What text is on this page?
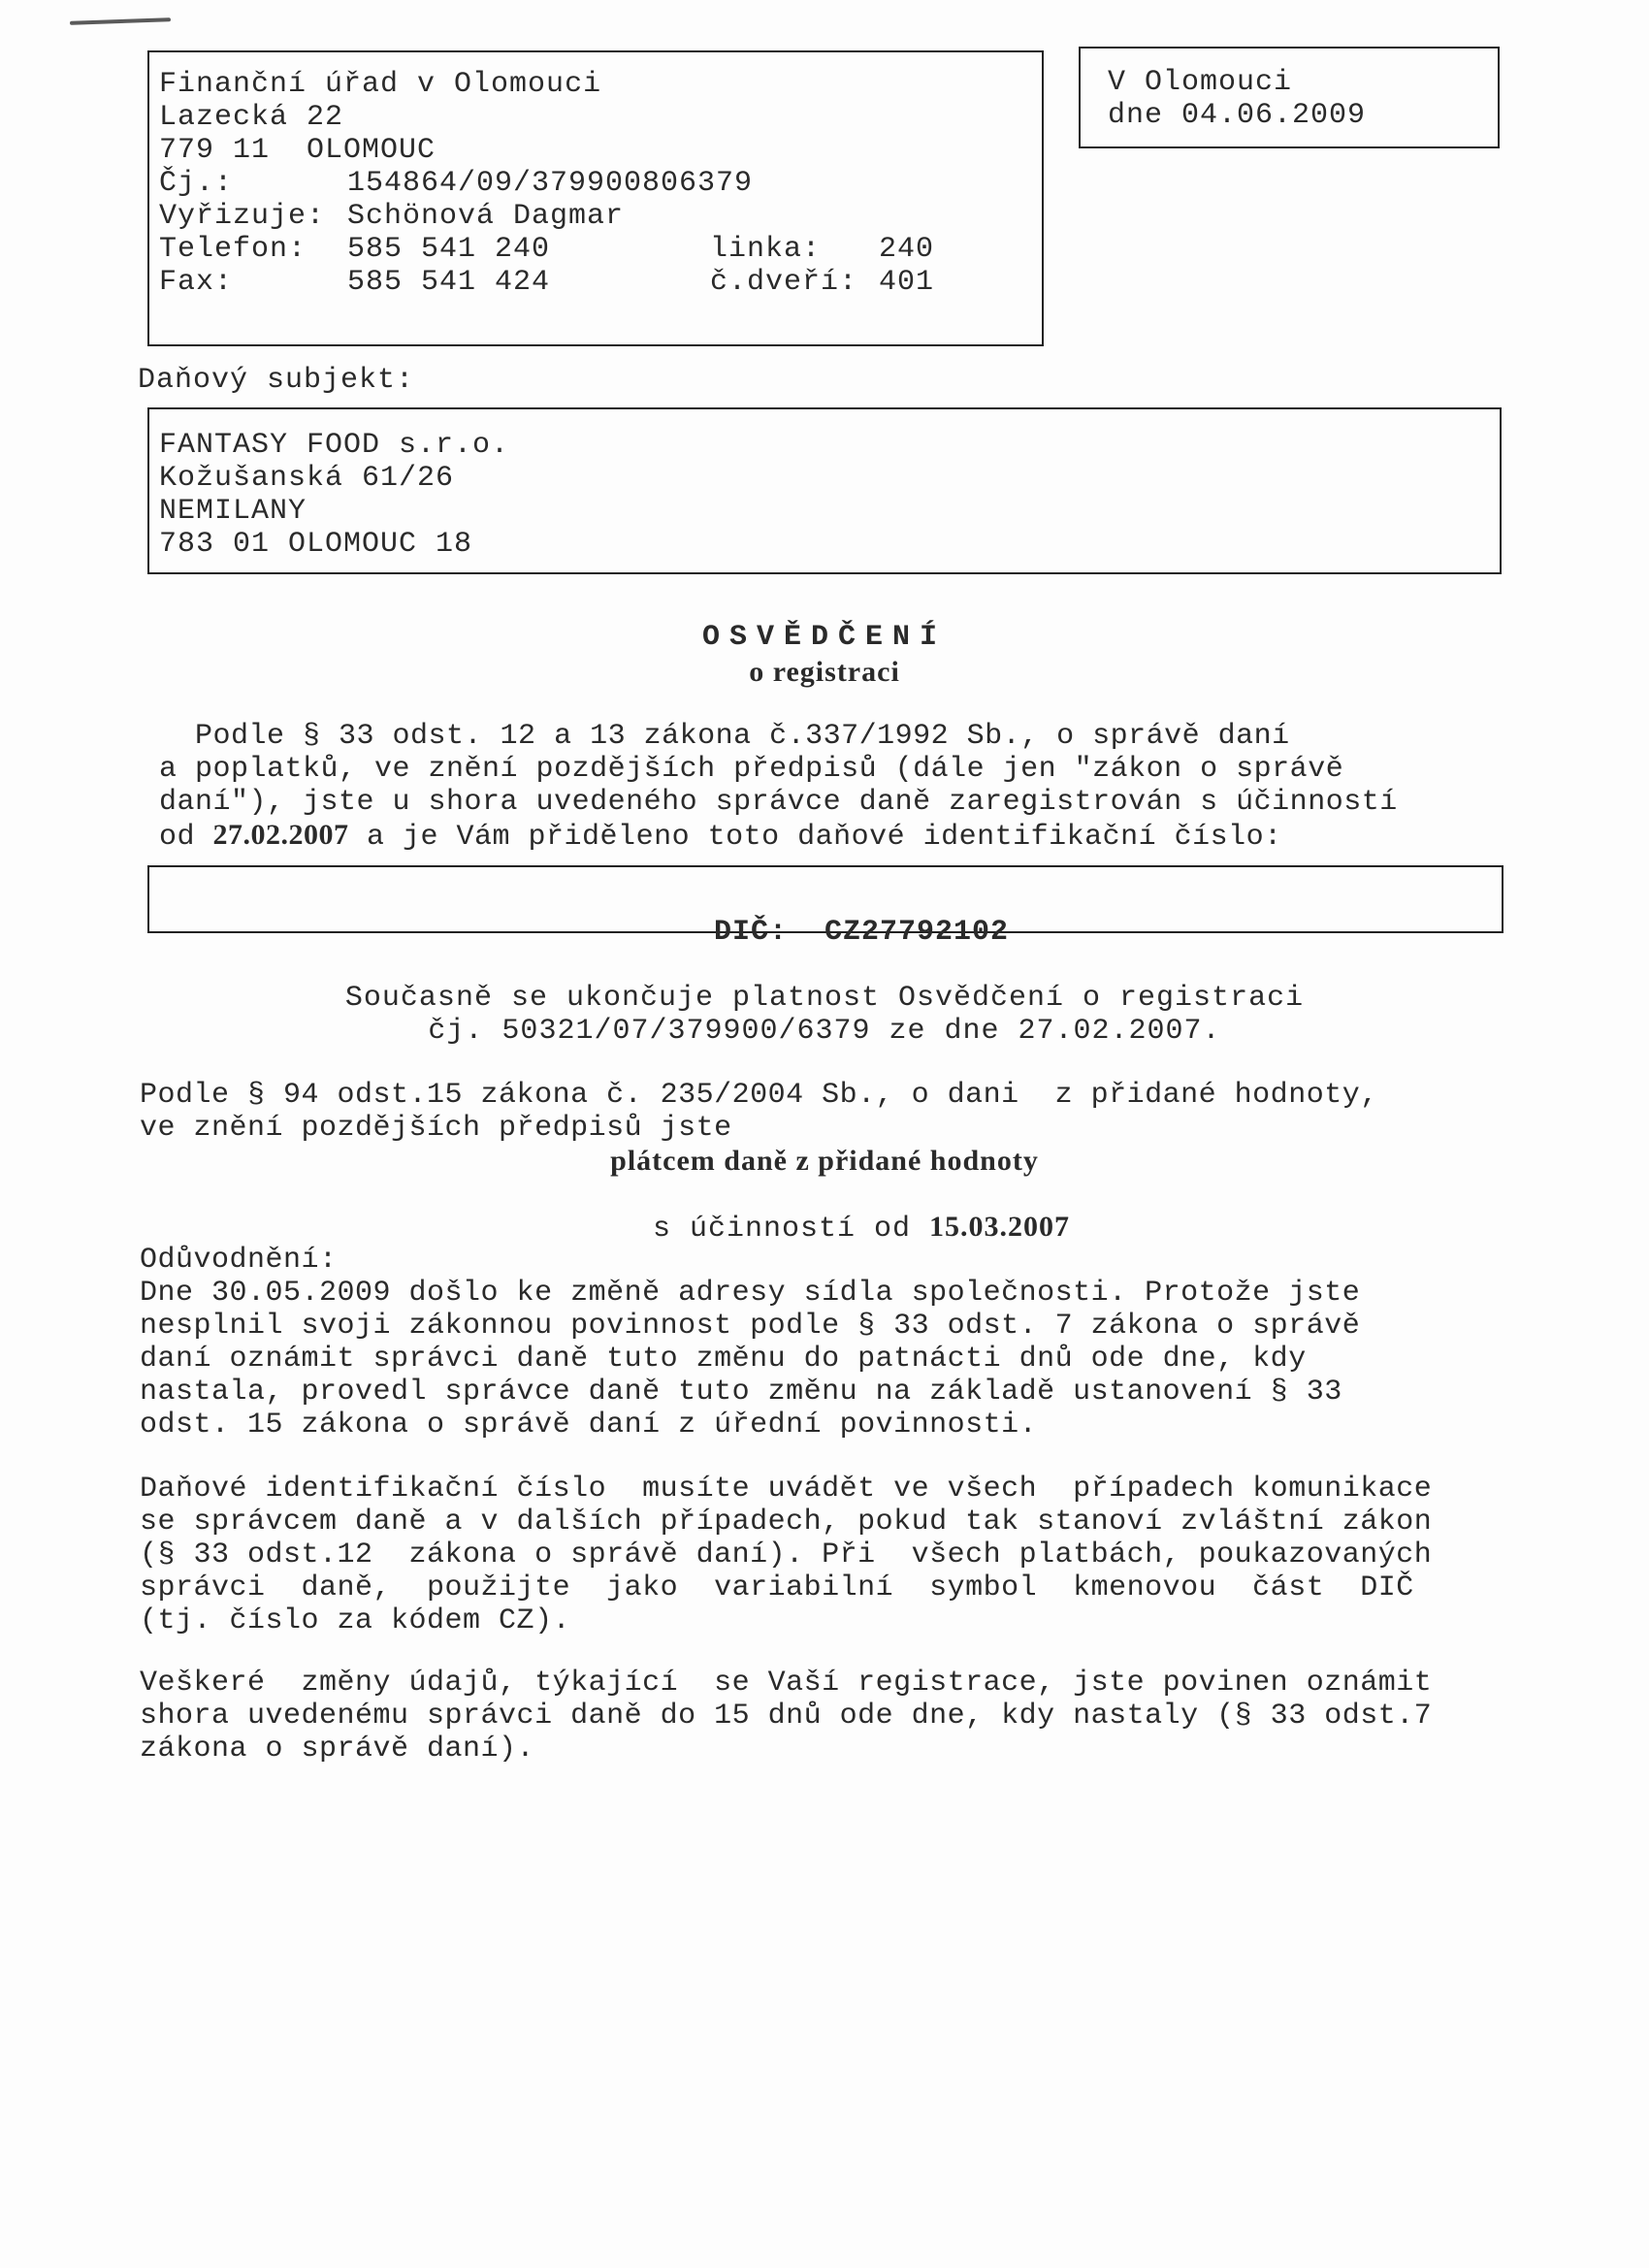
Finanční úřad v Olomouci
Lazecká 22
779 11  OLOMOUC
Čj.:	154864/09/379900806379
Vyřizuje: Schönová Dagmar
Telefon: 585 541 240	linka: 240
Fax:	585 541 424	č.dveří: 401
V Olomouci
dne 04.06.2009
Daňový subjekt:
FANTASY FOOD s.r.o.
Kožušanská 61/26
NEMILANY
783 01 OLOMOUC 18
OSVĚDČENÍ
o registraci
Podle § 33 odst. 12 a 13 zákona č.337/1992 Sb., o správě daní
a poplatků, ve znění pozdějších předpisů (dále jen "zákon o správě
daní"), jste u shora uvedeného správce daně zaregistrován s účinností
od 27.02.2007 a je Vám přiděleno toto daňové identifikační číslo:

DIČ: CZ27792102

Současně se ukončuje platnost Osvědčení o registraci
čj. 50321/07/379900/6379 ze dne 27.02.2007.
Podle § 94 odst.15 zákona č. 235/2004 Sb., o dani  z přidané hodnoty,
ve znění pozdějších předpisů jste
plátcem daně z přidané hodnoty

s účinností od 15.03.2007

Odůvodnění:
Dne 30.05.2009 došlo ke změně adresy sídla společnosti. Protože jste
nesplnil svoji zákonnou povinnost podle § 33 odst. 7 zákona o správě
daní oznámit správci daně tuto změnu do patnácti dnů ode dne, kdy
nastala, provedl správce daně tuto změnu na základě ustanovení § 33
odst. 15 zákona o správě daní z úřední povinnosti.
Daňové identifikační číslo  musíte uvádět ve všech  případech komunikace
se správcem daně a v dalších případech, pokud tak stanoví zvláštní zákon
(§ 33 odst.12  zákona o správě daní). Při  všech platbách, poukazovaných
správci  daně,  použijte  jako  variabilní  symbol  kmenovou  část  DIČ
(tj. číslo za kódem CZ).
Veškeré  změny údajů, týkající  se Vaší registrace, jste povinen oznámit
shora uvedenému správci daně do 15 dnů ode dne, kdy nastaly (§ 33 odst.7
zákona o správě daní).
